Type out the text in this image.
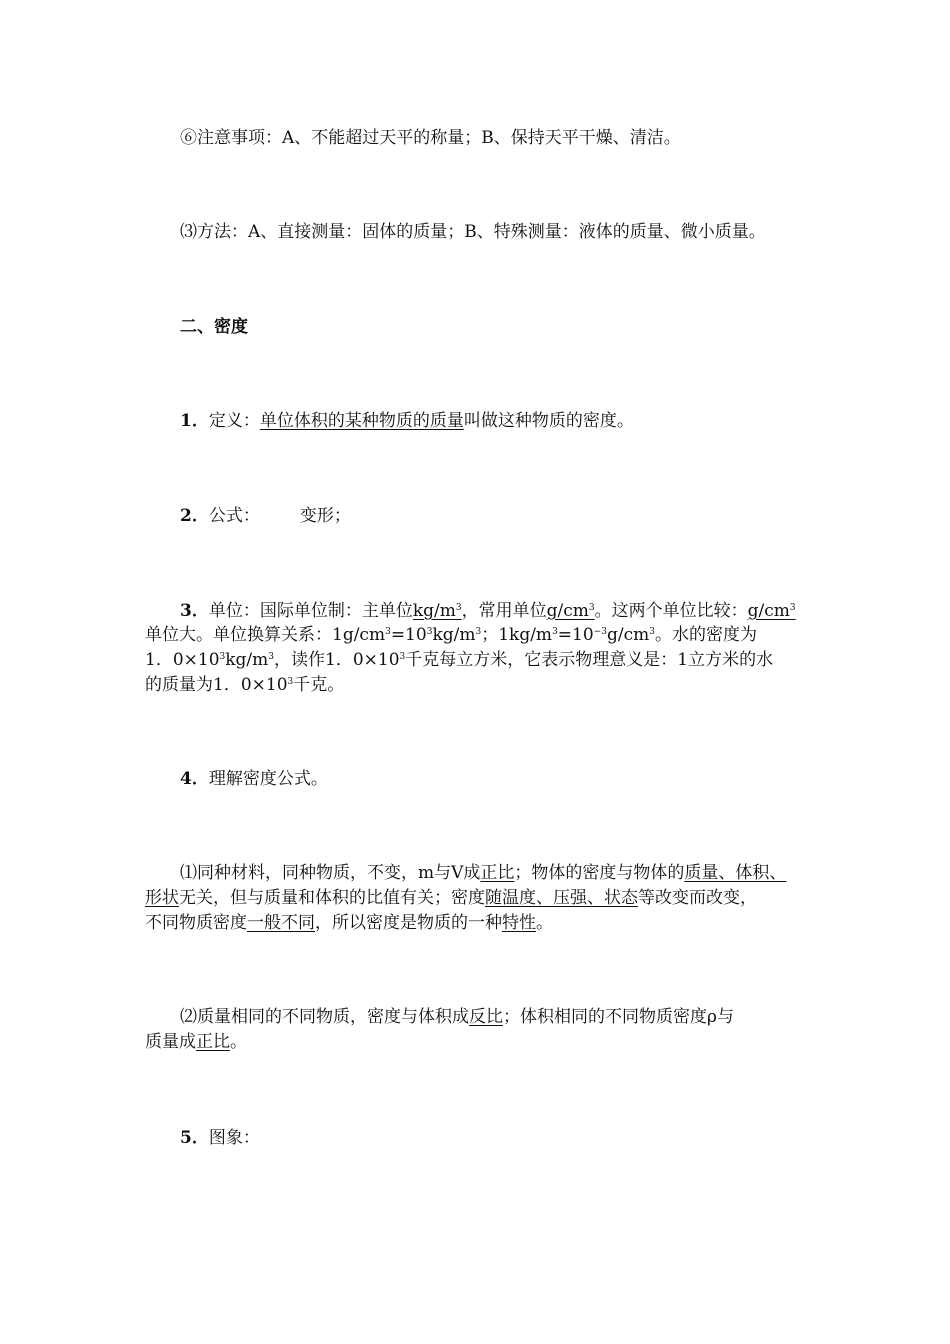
⑥注意事项：A、不能超过天平的称量；B、保持天平干燥、清洁。

⑶方法：A、直接测量：固体的质量；B、特殊测量：液体的质量、微小质量。

二、密度

1．定义：单位体积的某种物质的质量叫做这种物质的密度。

2．公式： 变形；

3．单位：国际单位制：主单位$kg/m^3$，常用单位$g/cm^3$。这两个单位比较：$g/cm^3$

单位大。单位换算关系：$1g/cm^3=10^3kg/m^3$；$1kg/m^3=10^{-3}g/cm^3$。水的密度为

1．$0\times 10^3kg/m^3$，读作1．$0\times 10^3$千克每立方米，它表示物理意义是：1立方米的水

的质量为1．$0\times 10^3$千克。

4．理解密度公式。

⑴同种材料，同种物质，不变，m与V成正比；物体的密度与物体的质量、体积、

形状无关，但与质量和体积的比值有关；密度随温度、压强、状态等改变而改变，

不同物质密度一般不同，所以密度是物质的一种特性。

⑵质量相同的不同物质，密度与体积成反比；体积相同的不同物质密度ρ与

质量成正比。

5．图象：
